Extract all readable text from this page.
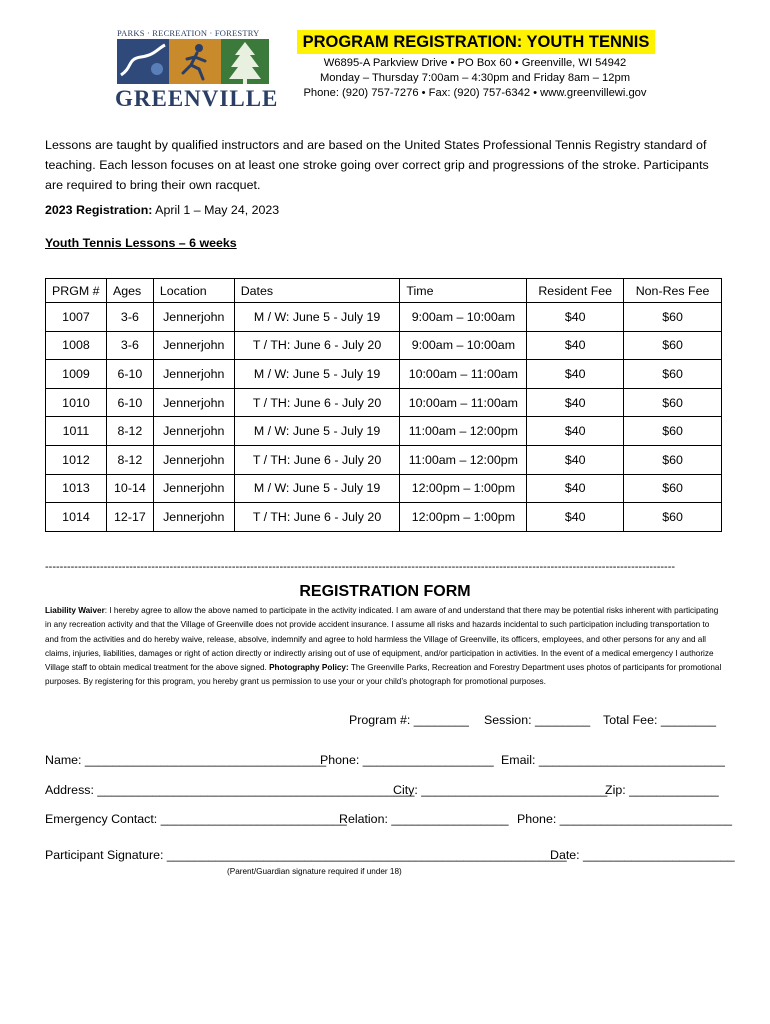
PARKS · RECREATION · FORESTRY
GREENVILLE
PROGRAM REGISTRATION: YOUTH TENNIS
W6895-A Parkview Drive • PO Box 60 • Greenville, WI 54942
Monday – Thursday 7:00am – 4:30pm and Friday 8am – 12pm
Phone: (920) 757-7276 • Fax: (920) 757-6342 • www.greenvillewi.gov
Lessons are taught by qualified instructors and are based on the United States Professional Tennis Registry standard of teaching. Each lesson focuses on at least one stroke going over correct grip and progressions of the stroke. Participants are required to bring their own racquet.
2023 Registration: April 1 – May 24, 2023
Youth Tennis Lessons – 6 weeks
PRGM #	Ages	Location	Dates	Time	Resident Fee	Non-Res Fee
1007	3-6	Jennerjohn	M / W: June 5 - July 19	9:00am – 10:00am	$40	$60
1008	3-6	Jennerjohn	T / TH: June 6 - July 20	9:00am – 10:00am	$40	$60
1009	6-10	Jennerjohn	M / W: June 5 - July 19	10:00am – 11:00am	$40	$60
1010	6-10	Jennerjohn	T / TH: June 6 - July 20	10:00am – 11:00am	$40	$60
1011	8-12	Jennerjohn	M / W: June 5 - July 19	11:00am – 12:00pm	$40	$60
1012	8-12	Jennerjohn	T / TH: June 6 - July 20	11:00am – 12:00pm	$40	$60
1013	10-14	Jennerjohn	M / W: June 5 - July 19	12:00pm – 1:00pm	$40	$60
1014	12-17	Jennerjohn	T / TH: June 6 - July 20	12:00pm – 1:00pm	$40	$60
----------------------------------------------------------------------------------------------------------------------------------------------------------------------------
REGISTRATION FORM
Liability Waiver: I hereby agree to allow the above named to participate in the activity indicated. I am aware of and understand that there may be potential risks inherent with participating in any recreation activity and that the Village of Greenville does not provide accident insurance. I assume all risks and hazards incidental to such participation including transportation to and from the activities and do hereby waive, release, absolve, indemnify and agree to hold harmless the Village of Greenville, its officers, employees, and other persons for any and all claims, injuries, liabilities, damages or right of action directly or indirectly arising out of use of equipment, and/or participation in activities. In the event of a medical emergency I authorize Village staff to obtain medical treatment for the above signed. Photography Policy: The Greenville Parks, Recreation and Forestry Department uses photos of participants for promotional purposes. By registering for this program, you hereby grant us permission to use your or your child’s photograph for promotional purposes.
Program #: ________ Session: ________ Total Fee: ________
Name: ___________________________________
Phone: ___________________ Email: ___________________________
Address: ______________________________________________
City: ___________________________
Zip: _____________
Emergency Contact: ___________________________
Relation: _________________ Phone: _________________________
Participant Signature: __________________________________________________________
Date: ______________________
(Parent/Guardian signature required if under 18)
